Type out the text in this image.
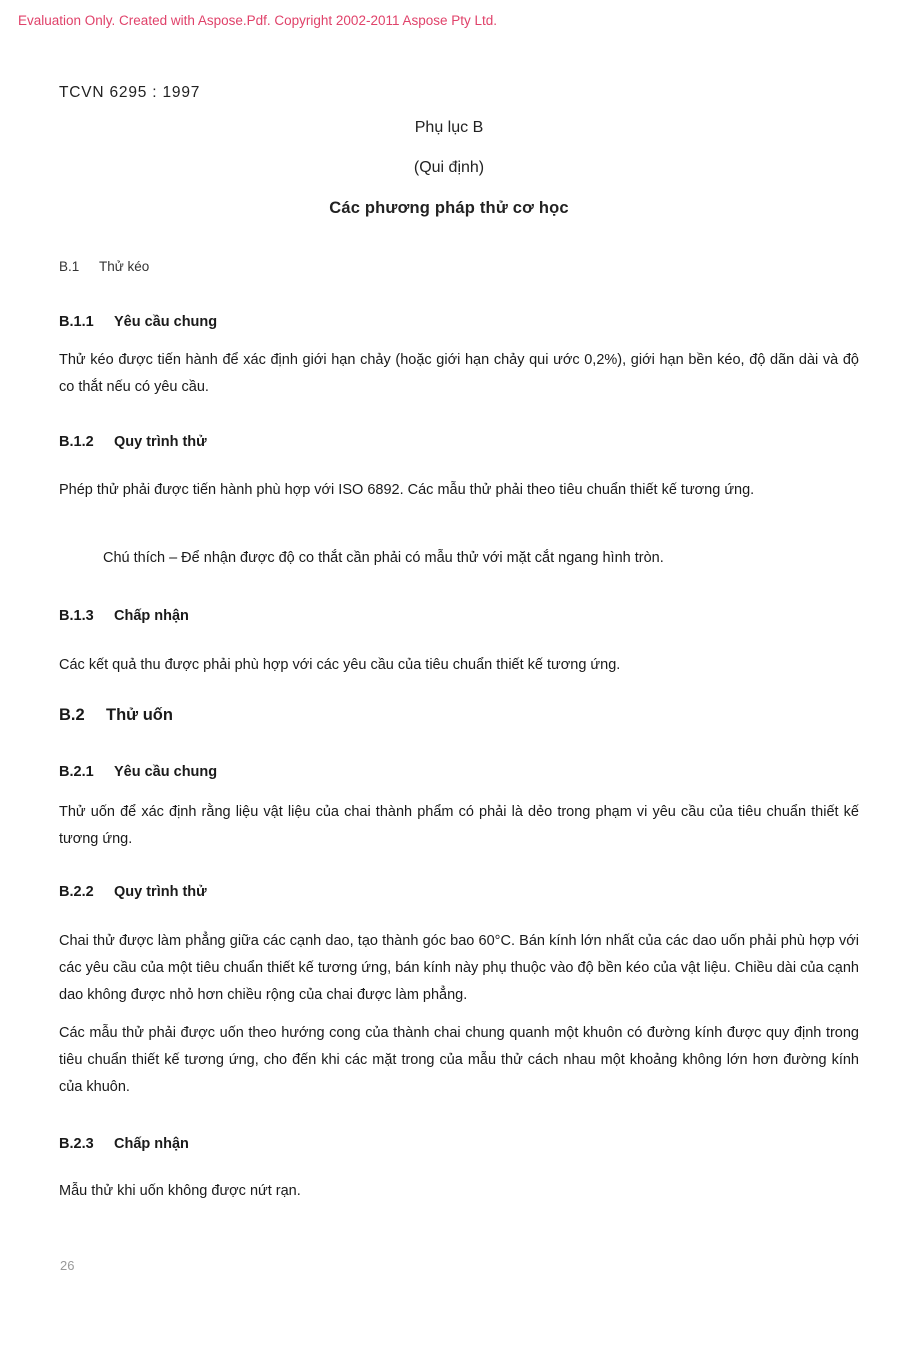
Evaluation Only. Created with Aspose.Pdf. Copyright 2002-2011 Aspose Pty Ltd.
TCVN 6295 : 1997
Phụ lục B
(Qui định)
Các phương pháp thử cơ học
B.1 Thử kéo
B.1.1 Yêu cầu chung
Thử kéo được tiến hành để xác định giới hạn chảy (hoặc giới hạn chảy qui ước 0,2%), giới hạn bền kéo, độ dãn dài và độ co thắt nếu có yêu cầu.
B.1.2 Quy trình thử
Phép thử phải được tiến hành phù hợp với ISO 6892. Các mẫu thử phải theo tiêu chuẩn thiết kế tương ứng.
Chú thích – Để nhận được độ co thắt cần phải có mẫu thử với mặt cắt ngang hình tròn.
B.1.3 Chấp nhận
Các kết quả thu được phải phù hợp với các yêu cầu của tiêu chuẩn thiết kế tương ứng.
B.2 Thử uốn
B.2.1 Yêu cầu chung
Thử uốn để xác định rằng liệu vật liệu của chai thành phẩm có phải là dẻo trong phạm vi yêu cầu của tiêu chuẩn thiết kế tương ứng.
B.2.2 Quy trình thử
Chai thử được làm phẳng giữa các cạnh dao, tạo thành góc bao 60°C. Bán kính lớn nhất của các dao uốn phải phù hợp với các yêu cầu của một tiêu chuẩn thiết kế tương ứng, bán kính này phụ thuộc vào độ bền kéo của vật liệu. Chiều dài của cạnh dao không được nhỏ hơn chiều rộng của chai được làm phẳng.
Các mẫu thử phải được uốn theo hướng cong của thành chai chung quanh một khuôn có đường kính được quy định trong tiêu chuẩn thiết kế tương ứng, cho đến khi các mặt trong của mẫu thử cách nhau một khoảng không lớn hơn đường kính của khuôn.
B.2.3 Chấp nhận
Mẫu thử khi uốn không được nứt rạn.
26
